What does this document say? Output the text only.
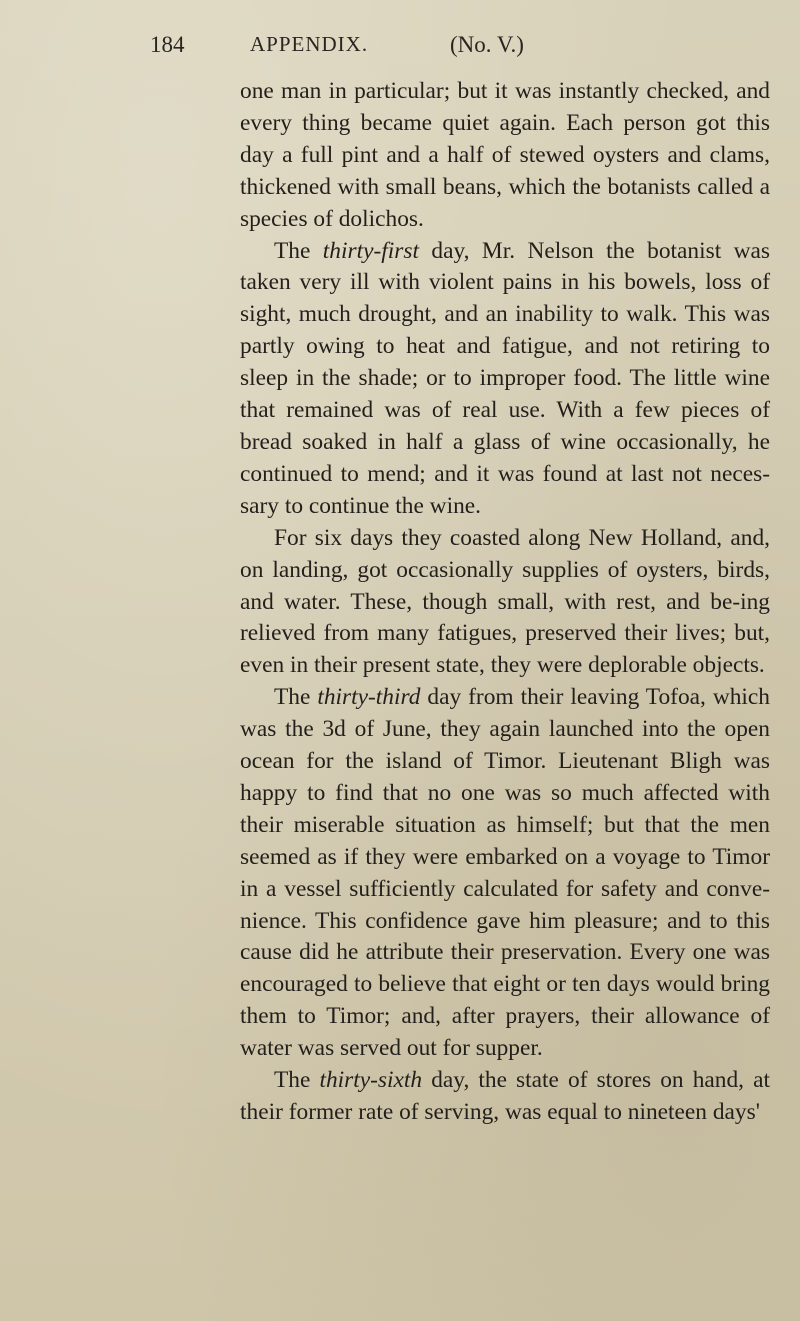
184	APPENDIX.	(No. V.)

one man in particular; but it was instantly checked, and every thing became quiet again. Each person got this day a full pint and a half of stewed oysters and clams, thickened with small beans, which the botanists called a species of dolichos.

The thirty-first day, Mr. Nelson the botanist was taken very ill with violent pains in his bowels, loss of sight, much drought, and an inability to walk. This was partly owing to heat and fatigue, and not retiring to sleep in the shade; or to improper food. The little wine that remained was of real use. With a few pieces of bread soaked in half a glass of wine occasionally, he continued to mend; and it was found at last not neces-sary to continue the wine.

For six days they coasted along New Holland, and, on landing, got occasionally supplies of oysters, birds, and water. These, though small, with rest, and be-ing relieved from many fatigues, preserved their lives; but, even in their present state, they were deplorable objects.

The thirty-third day from their leaving Tofoa, which was the 3d of June, they again launched into the open ocean for the island of Timor. Lieutenant Bligh was happy to find that no one was so much affected with their miserable situation as himself; but that the men seemed as if they were embarked on a voyage to Timor in a vessel sufficiently calculated for safety and conve-nience. This confidence gave him pleasure; and to this cause did he attribute their preservation. Every one was encouraged to believe that eight or ten days would bring them to Timor; and, after prayers, their allowance of water was served out for supper.

The thirty-sixth day, the state of stores on hand, at their former rate of serving, was equal to nineteen days'
